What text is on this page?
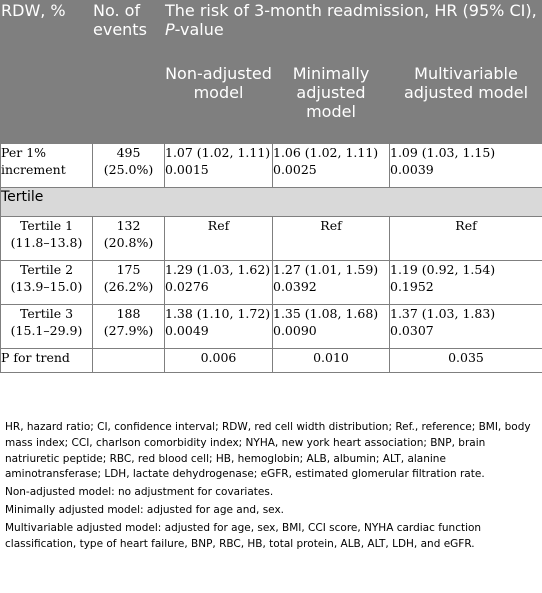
RDW, %	No. of events	The risk of 3-month readmission, HR (95% CI), P-value		
		Non-adjusted model	Minimally adjusted model	Multivariable adjusted model
Per 1% increment	495 (25.0%)	1.07 (1.02, 1.11) 0.0015	1.06 (1.02, 1.11) 0.0025	1.09 (1.03, 1.15) 0.0039
Tertile				
Tertile 1 (11.8–13.8)	132 (20.8%)	Ref	Ref	Ref
Tertile 2 (13.9–15.0)	175 (26.2%)	1.29 (1.03, 1.62) 0.0276	1.27 (1.01, 1.59) 0.0392	1.19 (0.92, 1.54) 0.1952
Tertile 3 (15.1–29.9)	188 (27.9%)	1.38 (1.10, 1.72) 0.0049	1.35 (1.08, 1.68) 0.0090	1.37 (1.03, 1.83) 0.0307
P for trend		0.006	0.010	0.035

HR, hazard ratio; CI, confidence interval; RDW, red cell width distribution; Ref., reference; BMI, body mass index; CCI, charlson comorbidity index; NYHA, new york heart association; BNP, brain natriuretic peptide; RBC, red blood cell; HB, hemoglobin; ALB, albumin; ALT, alanine aminotransferase; LDH, lactate dehydrogenase; eGFR, estimated glomerular filtration rate.

Non-adjusted model: no adjustment for covariates.

Minimally adjusted model: adjusted for age and, sex.

Multivariable adjusted model: adjusted for age, sex, BMI, CCI score, NYHA cardiac function classification, type of heart failure, BNP, RBC, HB, total protein, ALB, ALT, LDH, and eGFR.
